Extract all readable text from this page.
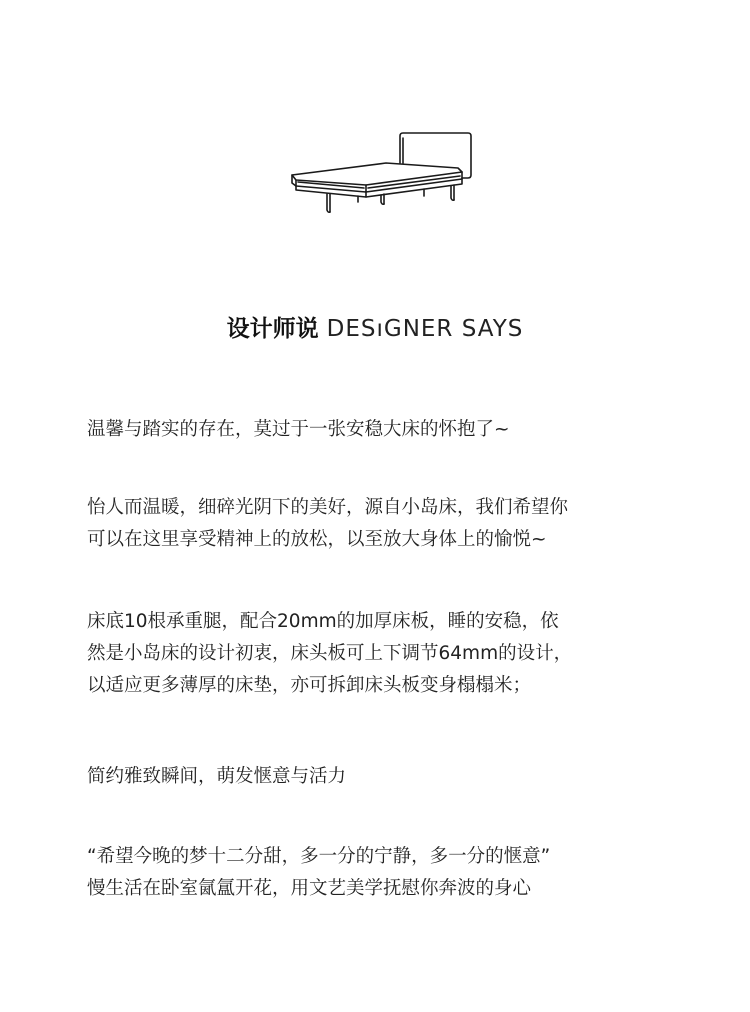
设计师说 DESıGNER SAYS
温馨与踏实的存在，莫过于一张安稳大床的怀抱了~
怡人而温暖，细碎光阴下的美好，源自小岛床，我们希望你
可以在这里享受精神上的放松，以至放大身体上的愉悦~
床底10根承重腿，配合20mm的加厚床板，睡的安稳，依
然是小岛床的设计初衷，床头板可上下调节64mm的设计，
以适应更多薄厚的床垫，亦可拆卸床头板变身榻榻米；
简约雅致瞬间，萌发惬意与活力
“希望今晚的梦十二分甜，多一分的宁静，多一分的惬意”
慢生活在卧室氤氲开花，用文艺美学抚慰你奔波的身心
